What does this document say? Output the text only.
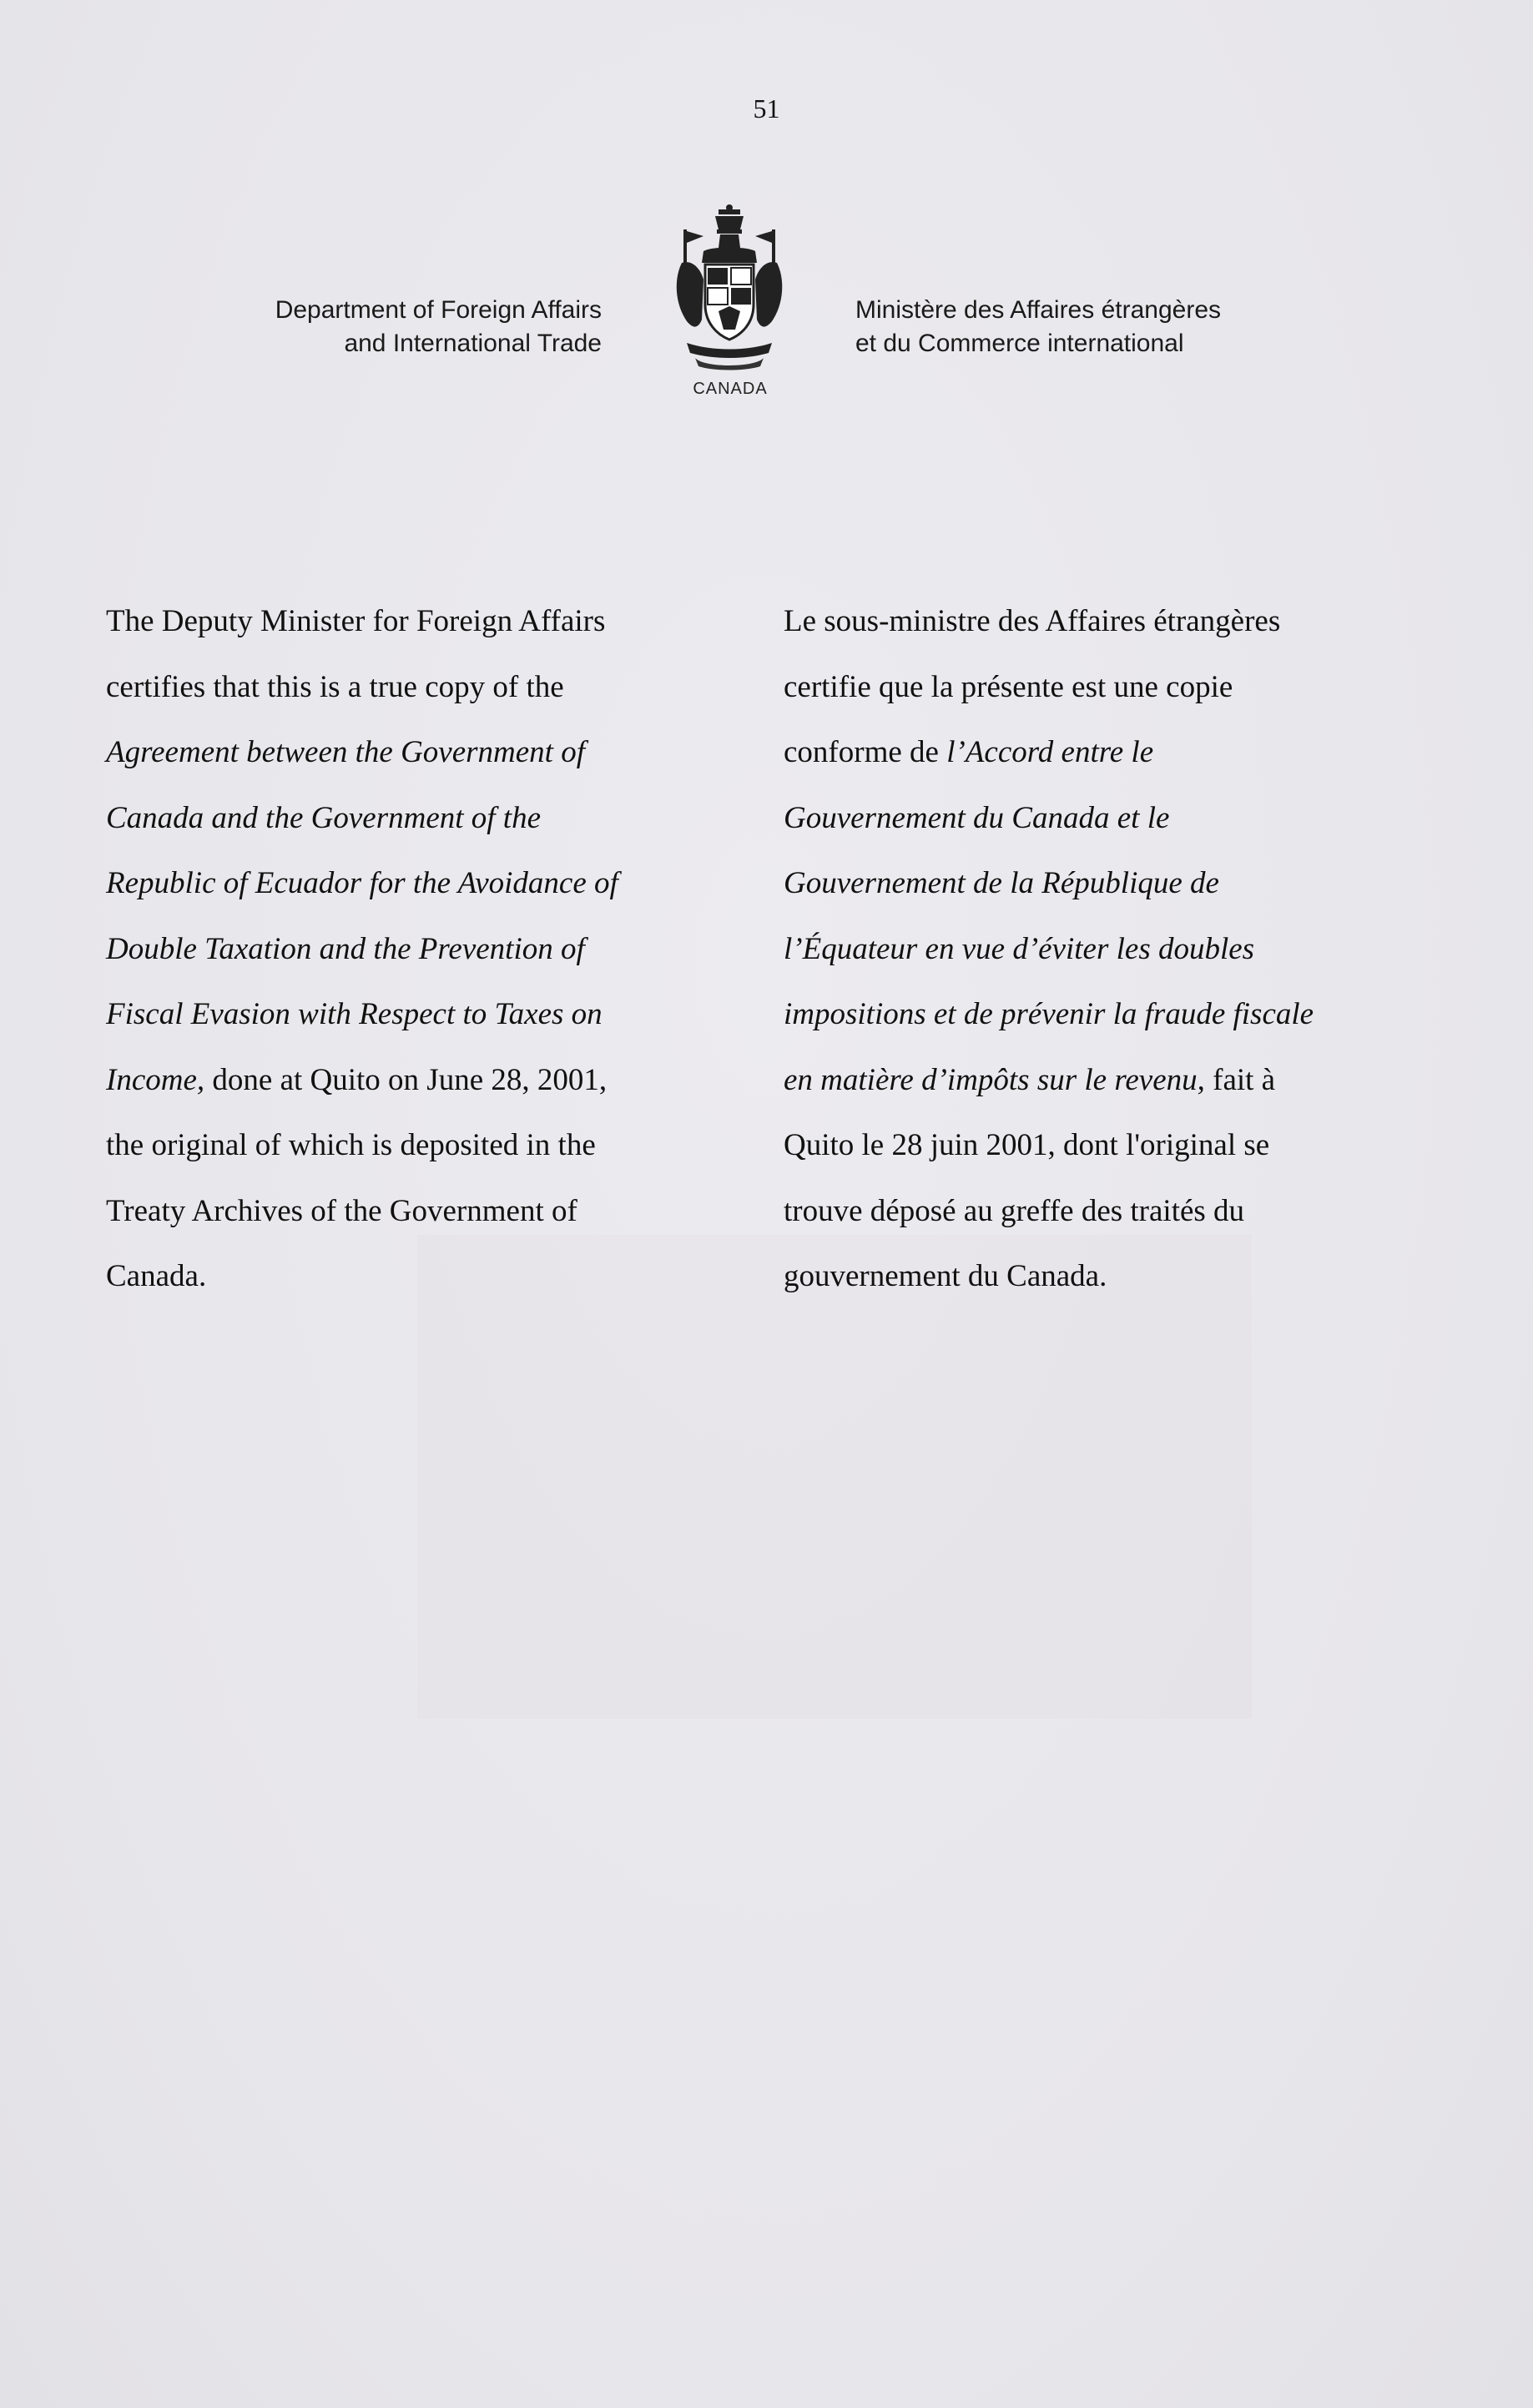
51
Department of Foreign Affairs
and International Trade
CANADA
Ministère des Affaires étrangères
et du Commerce international
The Deputy Minister for Foreign Affairs
certifies that this is a true copy of the
Agreement between the Government of
Canada and the Government of the
Republic of Ecuador for the Avoidance of
Double Taxation and the Prevention of
Fiscal Evasion with Respect to Taxes on
Income, done at Quito on June 28, 2001,
the original of which is deposited in the
Treaty Archives of the Government of
Canada.
Le sous-ministre des Affaires étrangères
certifie que la présente est une copie
conforme de l’Accord entre le
Gouvernement du Canada et le
Gouvernement de la République de
l’Équateur en vue d’éviter les doubles
impositions et de prévenir la fraude fiscale
en matière d’impôts sur le revenu, fait à
Quito le 28 juin 2001, dont l'original se
trouve déposé au greffe des traités du
gouvernement du Canada.
